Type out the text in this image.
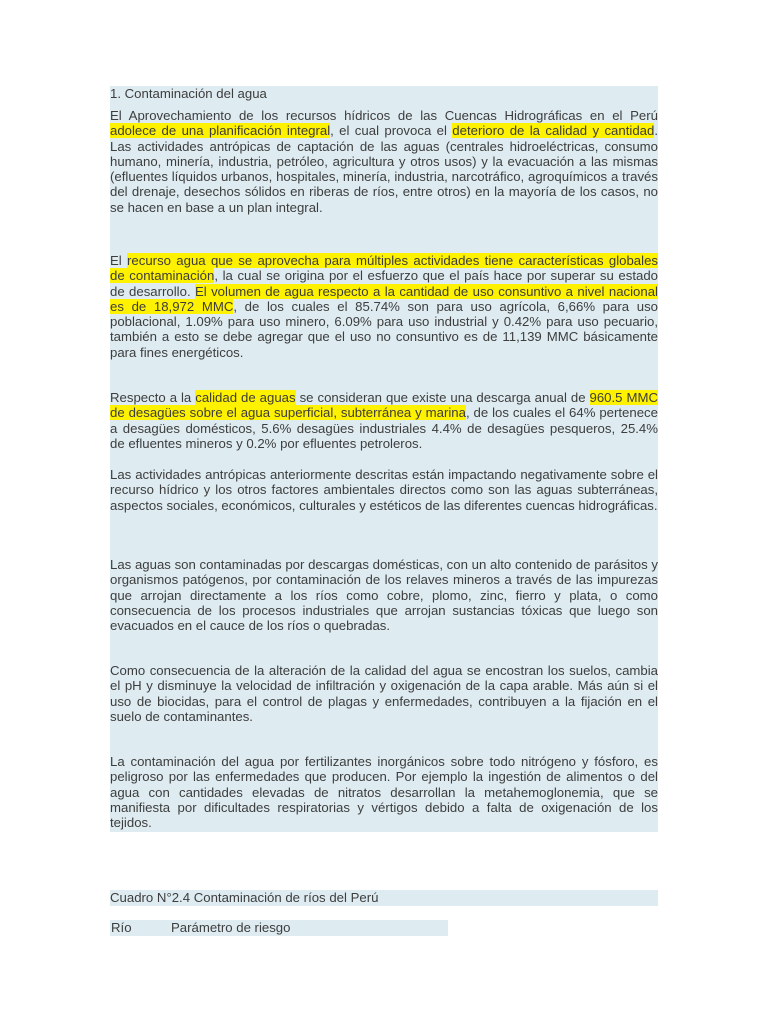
1. Contaminación del agua

El Aprovechamiento de los recursos hídricos de las Cuencas Hidrográficas en el Perú adolece de una planificación integral, el cual provoca el deterioro de la calidad y cantidad. Las actividades antrópicas de captación de las aguas (centrales hidroeléctricas, consumo humano, minería, industria, petróleo, agricultura y otros usos) y la evacuación a las mismas (efluentes líquidos urbanos, hospitales, minería, industria, narcotráfico, agroquímicos a través del drenaje, desechos sólidos en riberas de ríos, entre otros) en la mayoría de los casos, no se hacen en base a un plan integral.

El recurso agua que se aprovecha para múltiples actividades tiene características globales de contaminación, la cual se origina por el esfuerzo que el país hace por superar su estado de desarrollo. El volumen de agua respecto a la cantidad de uso consuntivo a nivel nacional es de 18,972 MMC, de los cuales el 85.74% son para uso agrícola, 6,66% para uso poblacional, 1.09% para uso minero, 6.09% para uso industrial y 0.42% para uso pecuario, también a esto se debe agregar que el uso no consuntivo es de 11,139 MMC básicamente para fines energéticos.

Respecto a la calidad de aguas se consideran que existe una descarga anual de 960.5 MMC de desagües sobre el agua superficial, subterránea y marina, de los cuales el 64% pertenece a desagües domésticos, 5.6% desagües industriales 4.4% de desagües pesqueros, 25.4% de efluentes mineros y 0.2% por efluentes petroleros.

Las actividades antrópicas anteriormente descritas están impactando negativamente sobre el recurso hídrico y los otros factores ambientales directos como son las aguas subterráneas, aspectos sociales, económicos, culturales y estéticos de las diferentes cuencas hidrográficas.

Las aguas son contaminadas por descargas domésticas, con un alto contenido de parásitos y organismos patógenos, por contaminación de los relaves mineros a través de las impurezas que arrojan directamente a los ríos como cobre, plomo, zinc, fierro y plata, o como consecuencia de los procesos industriales que arrojan sustancias tóxicas que luego son evacuados en el cauce de los ríos o quebradas.

Como consecuencia de la alteración de la calidad del agua se encostran los suelos, cambia el pH y disminuye la velocidad de infiltración y oxigenación de la capa arable. Más aún si el uso de biocidas, para el control de plagas y enfermedades, contribuyen a la fijación en el suelo de contaminantes.

La contaminación del agua por fertilizantes inorgánicos sobre todo nitrógeno y fósforo, es peligroso por las enfermedades que producen. Por ejemplo la ingestión de alimentos o del agua con cantidades elevadas de nitratos desarrollan la metahemoglonemia, que se manifiesta por dificultades respiratorias y vértigos debido a falta de oxigenación de los tejidos.

Cuadro N°2.4 Contaminación de ríos del Perú
Río	Parámetro de riesgo
